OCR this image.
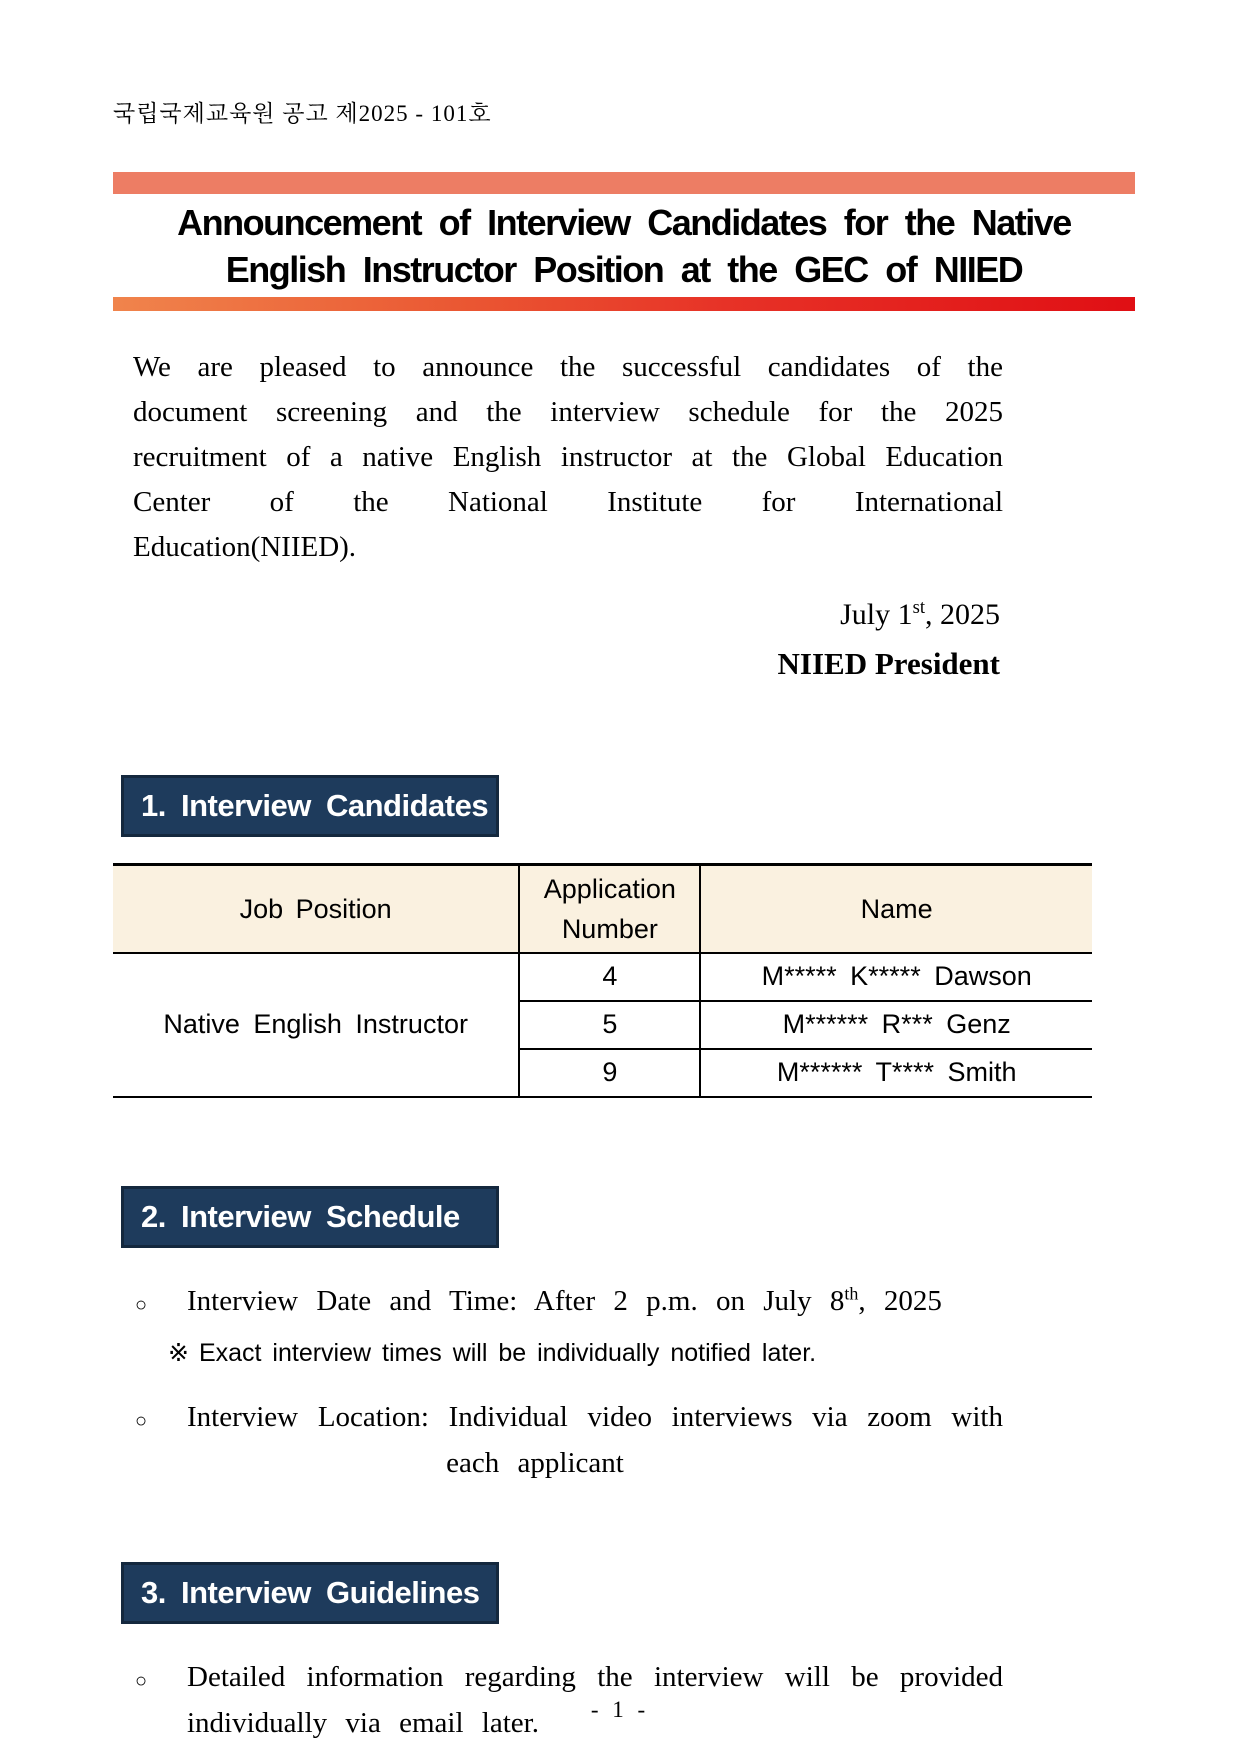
국립국제교육원 공고 제2025 - 101호
Announcement of Interview Candidates for the Native
English Instructor Position at the GEC of NIIED

We are pleased to announce the successful candidates of the document screening and the interview schedule for the 2025 recruitment of a native English instructor at the Global Education Center of the National Institute for International Education(NIIED).

July 1st, 2025
NIIED President
1. Interview Candidates
Job Position	Application Number	Name
Native English Instructor	4	M***** K***** Dawson
	5	M****** R*** Genz
	9	M****** T**** Smith
2. Interview Schedule
○	Interview Date and Time: After 2 p.m. on July 8th, 2025
※ Exact interview times will be individually notified later.
○	Interview Location: Individual video interviews via zoom with
each applicant
3. Interview Guidelines
○	Detailed information regarding the interview will be provided individually via email later.	- 1 -
